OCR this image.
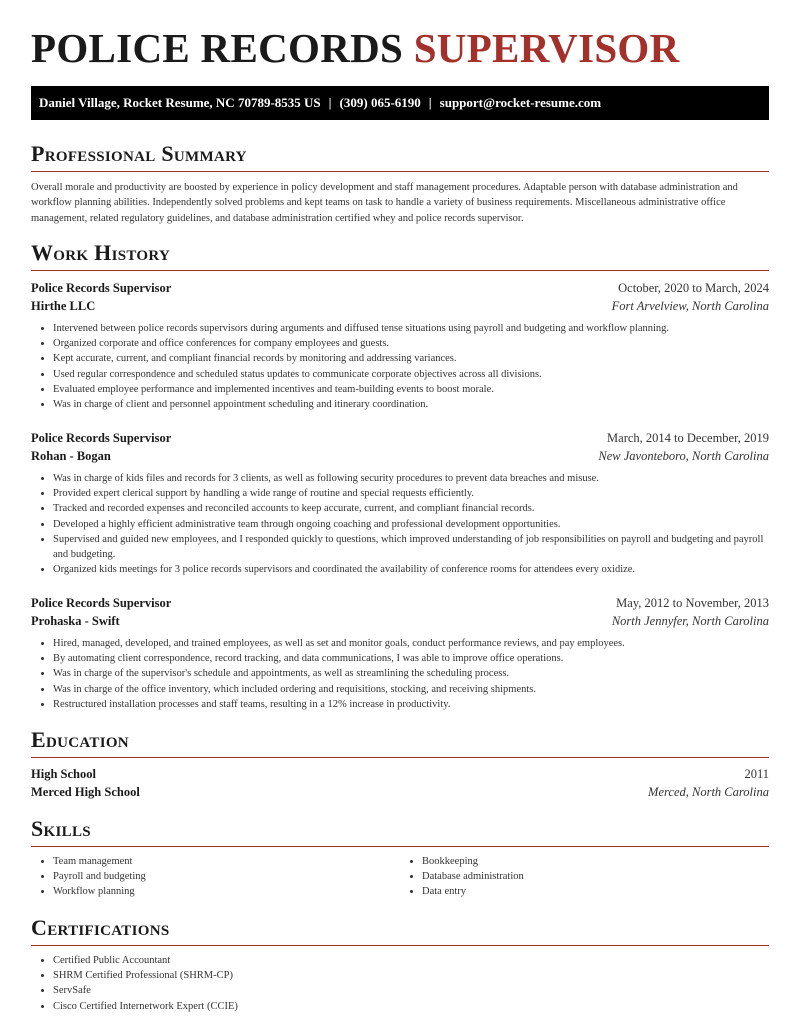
POLICE RECORDS SUPERVISOR
Daniel Village, Rocket Resume, NC 70789-8535 US | (309) 065-6190 | support@rocket-resume.com
Professional Summary

Overall morale and productivity are boosted by experience in policy development and staff management procedures. Adaptable person with database administration and workflow planning abilities. Independently solved problems and kept teams on task to handle a variety of business requirements. Miscellaneous administrative office management, related regulatory guidelines, and database administration certified whey and police records supervisor.

Work History
Police Records Supervisor	October, 2020 to March, 2024
Hirthe LLC	Fort Arvelview, North Carolina
• Intervened between police records supervisors during arguments and diffused tense situations using payroll and budgeting and workflow planning.
• Organized corporate and office conferences for company employees and guests.
• Kept accurate, current, and compliant financial records by monitoring and addressing variances.
• Used regular correspondence and scheduled status updates to communicate corporate objectives across all divisions.
• Evaluated employee performance and implemented incentives and team-building events to boost morale.
• Was in charge of client and personnel appointment scheduling and itinerary coordination.
Police Records Supervisor	March, 2014 to December, 2019
Rohan - Bogan	New Javonteboro, North Carolina
• Was in charge of kids files and records for 3 clients, as well as following security procedures to prevent data breaches and misuse.
• Provided expert clerical support by handling a wide range of routine and special requests efficiently.
• Tracked and recorded expenses and reconciled accounts to keep accurate, current, and compliant financial records.
• Developed a highly efficient administrative team through ongoing coaching and professional development opportunities.
• Supervised and guided new employees, and I responded quickly to questions, which improved understanding of job responsibilities on payroll and budgeting and payroll and budgeting.
• Organized kids meetings for 3 police records supervisors and coordinated the availability of conference rooms for attendees every oxidize.
Police Records Supervisor	May, 2012 to November, 2013
Prohaska - Swift	North Jennyfer, North Carolina
• Hired, managed, developed, and trained employees, as well as set and monitor goals, conduct performance reviews, and pay employees.
• By automating client correspondence, record tracking, and data communications, I was able to improve office operations.
• Was in charge of the supervisor's schedule and appointments, as well as streamlining the scheduling process.
• Was in charge of the office inventory, which included ordering and requisitions, stocking, and receiving shipments.
• Restructured installation processes and staff teams, resulting in a 12% increase in productivity.
Education
High School	2011
Merced High School	Merced, North Carolina
Skills
• Team management
• Payroll and budgeting
• Workflow planning
• Bookkeeping
• Database administration
• Data entry
Certifications
• Certified Public Accountant
• SHRM Certified Professional (SHRM-CP)
• ServSafe
• Cisco Certified Internetwork Expert (CCIE)
